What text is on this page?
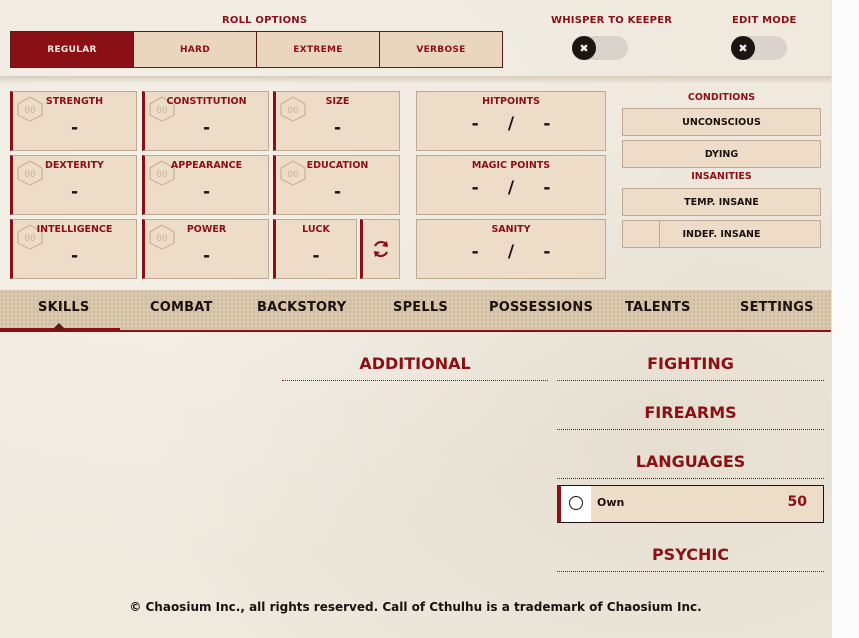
ROLL OPTIONS
REGULAR	HARD	EXTREME	VERBOSE
WHISPER TO KEEPER
✖
EDIT MODE
✖
00
STRENGTH
-
00
CONSTITUTION
-
00
SIZE
-
00
DEXTERITY
-
00
APPEARANCE
-
00
EDUCATION
-
00
INTELLIGENCE
-
00
POWER
-
LUCK
-
HITPOINTS
- / -
MAGIC POINTS
- / -
SANITY
- / -
CONDITIONS
UNCONSCIOUS
DYING
INSANITIES
TEMP. INSANE
INDEF. INSANE
SKILLS	COMBAT	BACKSTORY	SPELLS	POSSESSIONS TALENTS	SETTINGS
ADDITIONAL	FIGHTING
FIREARMS
LANGUAGES
Own	50
PSYCHIC
© Chaosium Inc., all rights reserved. Call of Cthulhu is a trademark of Chaosium Inc.
